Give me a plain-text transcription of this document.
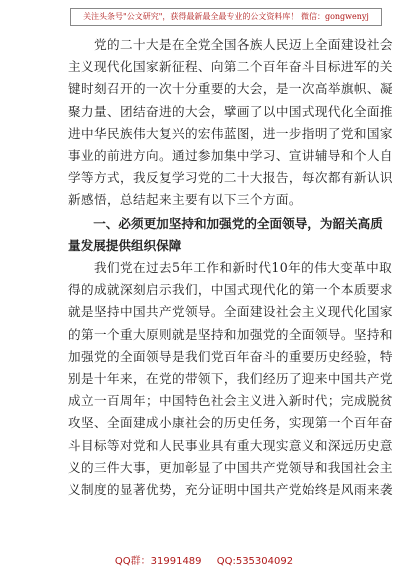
关注头条号"公文研究"，获得最新最全最专业的公文资料库！ 微信：gongwenyj
　　党的二十大是在全党全国各族人民迈上全面建设社会
主义现代化国家新征程、向第二个百年奋斗目标进军的关
键时刻召开的一次十分重要的大会，是一次高举旗帜、凝
聚力量、团结奋进的大会，擘画了以中国式现代化全面推
进中华民族伟大复兴的宏伟蓝图，进一步指明了党和国家
事业的前进方向。通过参加集中学习、宣讲辅导和个人自
学等方式，我反复学习党的二十大报告，每次都有新认识
新感悟，总结起来主要有以下三个方面。
　　一、必须更加坚持和加强党的全面领导，为韶关高质
量发展提供组织保障
　　我们党在过去5年工作和新时代10年的伟大变革中取
得的成就深刻启示我们，中国式现代化的第一个本质要求
就是坚持中国共产党领导。全面建设社会主义现代化国家
的第一个重大原则就是坚持和加强党的全面领导。坚持和
加强党的全面领导是我们党百年奋斗的重要历史经验，特
别是十年来，在党的带领下，我们经历了迎来中国共产党
成立一百周年；中国特色社会主义进入新时代；完成脱贫
攻坚、全面建成小康社会的历史任务，实现第一个百年奋
斗目标等对党和人民事业具有重大现实意义和深远历史意
义的三件大事，更加彰显了中国共产党领导和我国社会主
义制度的显著优势，充分证明中国共产党始终是风雨来袭
QQ群：31991489 QQ:535304092
